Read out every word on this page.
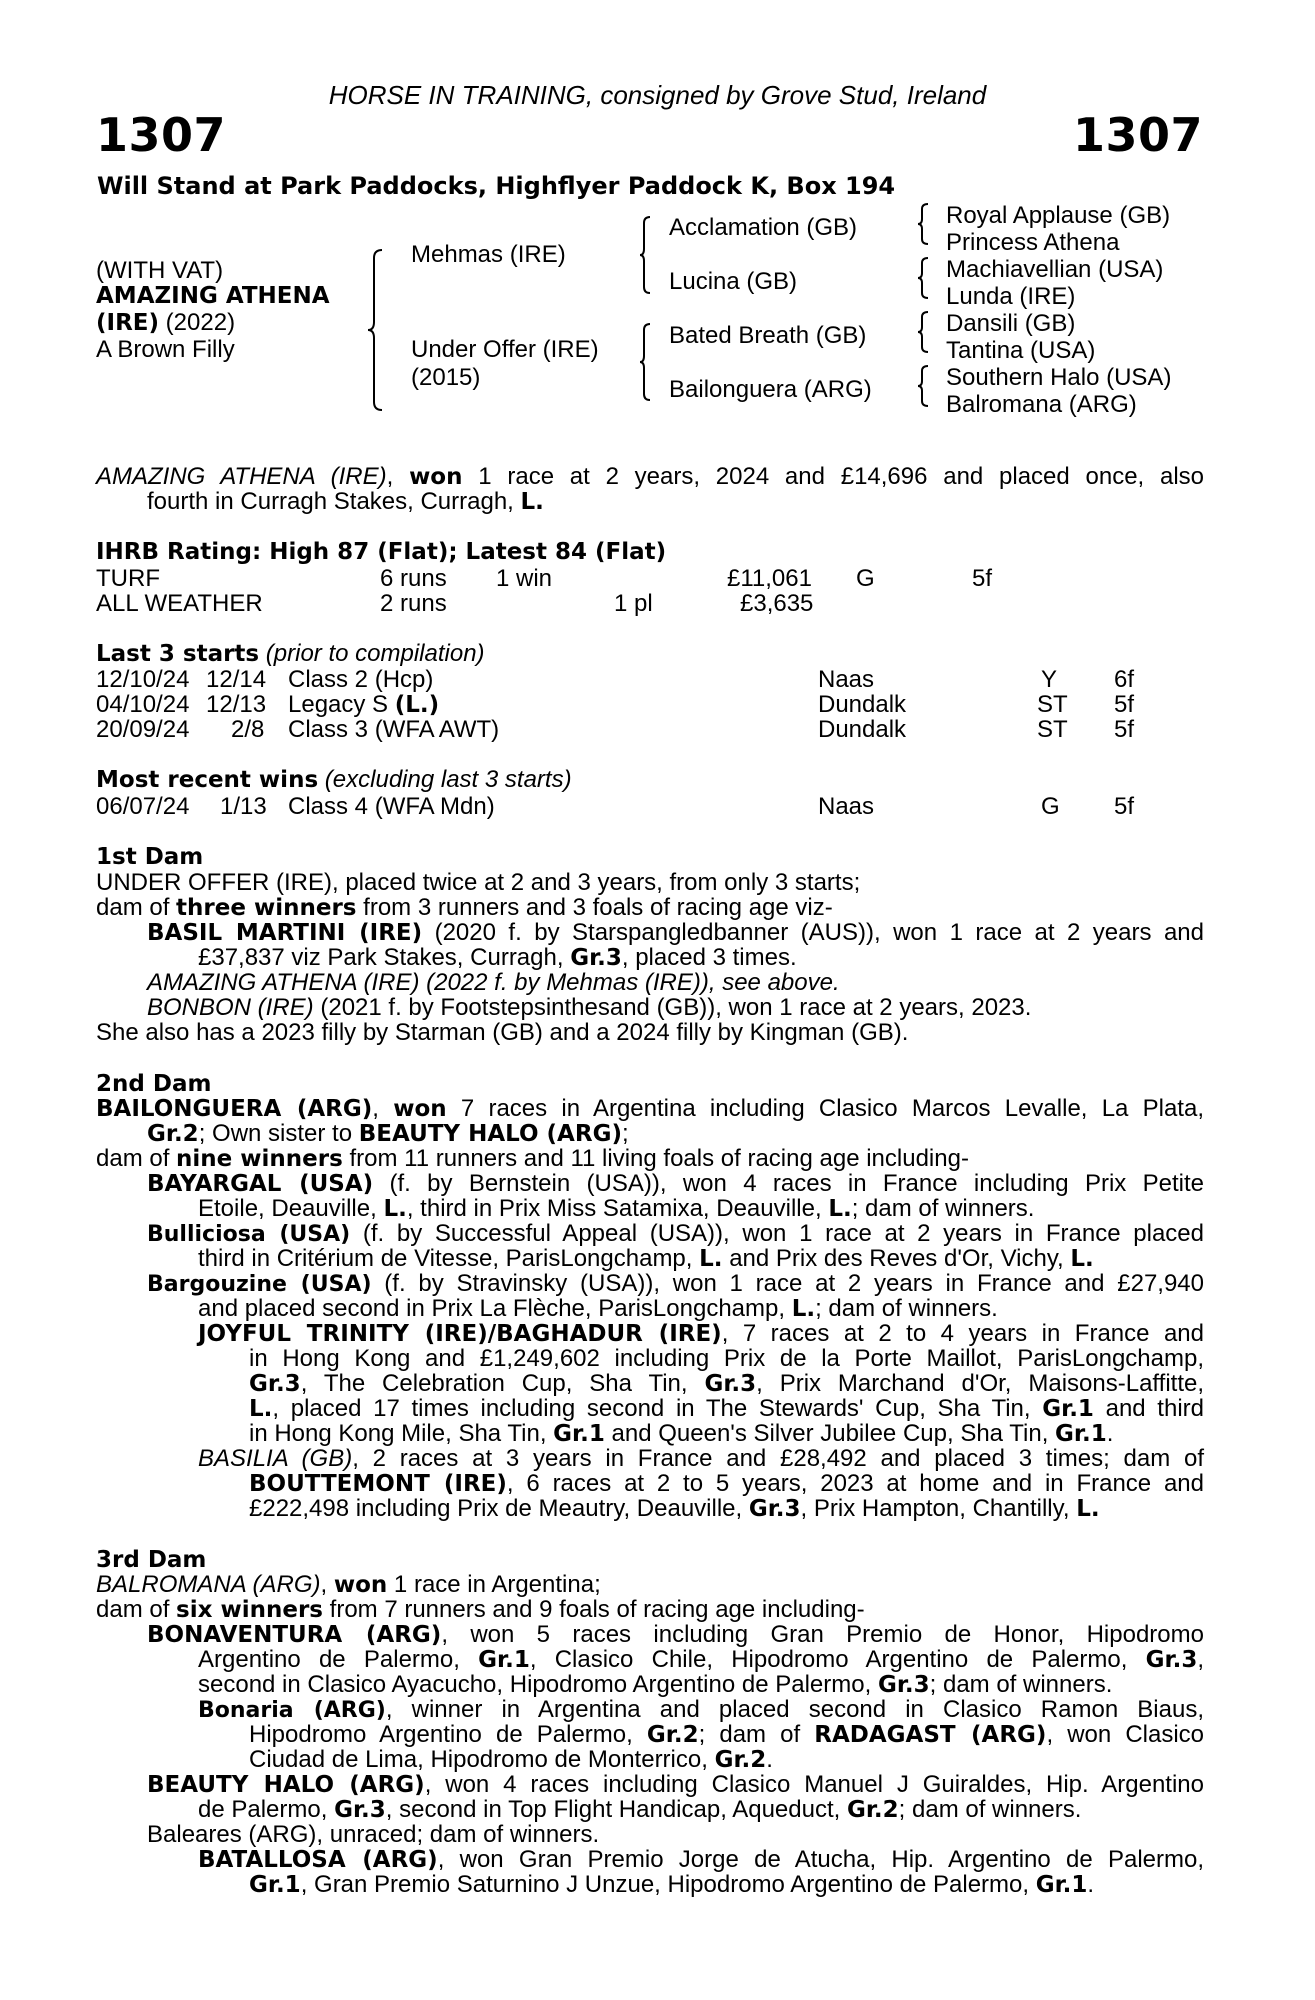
HORSE IN TRAINING, consigned by Grove Stud, Ireland
1307	1307
Will Stand at Park Paddocks, Highflyer Paddock K, Box 194
(WITH VAT)
AMAZING ATHENA
(IRE) (2022)
A Brown Filly
Mehmas (IRE)
Under Offer (IRE)
(2015)
Acclamation (GB)
Lucina (GB)
Bated Breath (GB)
Bailonguera (ARG)
Royal Applause (GB)
Princess Athena
Machiavellian (USA)
Lunda (IRE)
Dansili (GB)
Tantina (USA)
Southern Halo (USA)
Balromana (ARG)
AMAZING ATHENA (IRE), won 1 race at 2 years, 2024 and £14,696 and placed once, also
fourth in Curragh Stakes, Curragh, L.
IHRB Rating: High 87 (Flat); Latest 84 (Flat)
TURF	6 runs 1 win	£11,061 G	5f
ALL WEATHER	2 runs	1 pl	£3,635
Last 3 starts (prior to compilation)
12/10/24 12/14 Class 2 (Hcp)	Naas	Y 6f
04/10/24 12/13 Legacy S (L.)	Dundalk	ST 5f
20/09/24 2/8 Class 3 (WFA AWT)	Dundalk	ST 5f
Most recent wins (excluding last 3 starts)
06/07/24 1/13 Class 4 (WFA Mdn)	Naas	G 5f
1st Dam
UNDER OFFER (IRE), placed twice at 2 and 3 years, from only 3 starts;
dam of three winners from 3 runners and 3 foals of racing age viz-
BASIL MARTINI (IRE) (2020 f. by Starspangledbanner (AUS)), won 1 race at 2 years and
£37,837 viz Park Stakes, Curragh, Gr.3, placed 3 times.
AMAZING ATHENA (IRE) (2022 f. by Mehmas (IRE)), see above.
BONBON (IRE) (2021 f. by Footstepsinthesand (GB)), won 1 race at 2 years, 2023.
She also has a 2023 filly by Starman (GB) and a 2024 filly by Kingman (GB).
2nd Dam
BAILONGUERA (ARG), won 7 races in Argentina including Clasico Marcos Levalle, La Plata,
Gr.2; Own sister to BEAUTY HALO (ARG);
dam of nine winners from 11 runners and 11 living foals of racing age including-
BAYARGAL (USA) (f. by Bernstein (USA)), won 4 races in France including Prix Petite
Etoile, Deauville, L., third in Prix Miss Satamixa, Deauville, L.; dam of winners.
Bulliciosa (USA) (f. by Successful Appeal (USA)), won 1 race at 2 years in France placed
third in Critérium de Vitesse, ParisLongchamp, L. and Prix des Reves d'Or, Vichy, L.
Bargouzine (USA) (f. by Stravinsky (USA)), won 1 race at 2 years in France and £27,940
and placed second in Prix La Flèche, ParisLongchamp, L.; dam of winners.
JOYFUL TRINITY (IRE)/BAGHADUR (IRE), 7 races at 2 to 4 years in France and
in Hong Kong and £1,249,602 including Prix de la Porte Maillot, ParisLongchamp,
Gr.3, The Celebration Cup, Sha Tin, Gr.3, Prix Marchand d'Or, Maisons-Laffitte,
L., placed 17 times including second in The Stewards' Cup, Sha Tin, Gr.1 and third
in Hong Kong Mile, Sha Tin, Gr.1 and Queen's Silver Jubilee Cup, Sha Tin, Gr.1.
BASILIA (GB), 2 races at 3 years in France and £28,492 and placed 3 times; dam of
BOUTTEMONT (IRE), 6 races at 2 to 5 years, 2023 at home and in France and
£222,498 including Prix de Meautry, Deauville, Gr.3, Prix Hampton, Chantilly, L.
3rd Dam
BALROMANA (ARG), won 1 race in Argentina;
dam of six winners from 7 runners and 9 foals of racing age including-
BONAVENTURA (ARG), won 5 races including Gran Premio de Honor, Hipodromo
Argentino de Palermo, Gr.1, Clasico Chile, Hipodromo Argentino de Palermo, Gr.3,
second in Clasico Ayacucho, Hipodromo Argentino de Palermo, Gr.3; dam of winners.
Bonaria (ARG), winner in Argentina and placed second in Clasico Ramon Biaus,
Hipodromo Argentino de Palermo, Gr.2; dam of RADAGAST (ARG), won Clasico
Ciudad de Lima, Hipodromo de Monterrico, Gr.2.
BEAUTY HALO (ARG), won 4 races including Clasico Manuel J Guiraldes, Hip. Argentino
de Palermo, Gr.3, second in Top Flight Handicap, Aqueduct, Gr.2; dam of winners.
Baleares (ARG), unraced; dam of winners.
BATALLOSA (ARG), won Gran Premio Jorge de Atucha, Hip. Argentino de Palermo,
Gr.1, Gran Premio Saturnino J Unzue, Hipodromo Argentino de Palermo, Gr.1.
